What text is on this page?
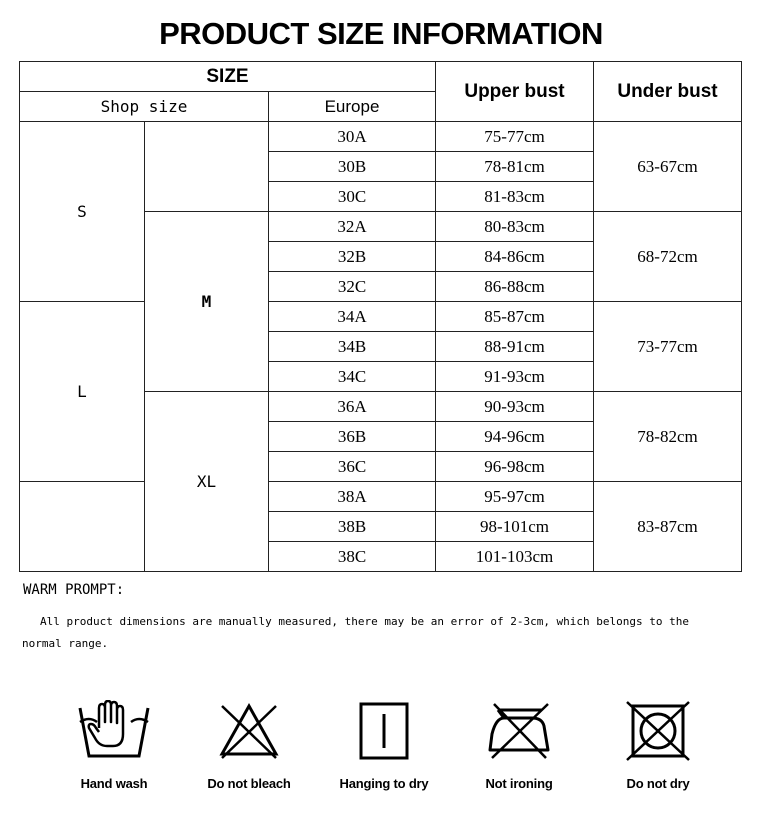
PRODUCT SIZE INFORMATION
SIZE			Upper bust	Under bust
Shop size		Europe		
S		30A	75-77cm	63-67cm
		30B	78-81cm	
		30C	81-83cm	
	M	32A	80-83cm	68-72cm
		32B	84-86cm	
		32C	86-88cm	
L		34A	85-87cm	73-77cm
		34B	88-91cm	
		34C	91-93cm	
	XL	36A	90-93cm	78-82cm
		36B	94-96cm	
		36C	96-98cm	
		38A	95-97cm	83-87cm
		38B	98-101cm	
		38C	101-103cm	
WARM PROMPT:
All product dimensions are manually measured, there may be an error of 2-3cm, which belongs to the normal range.
Hand wash	Do not bleach	Hanging to dry	Not ironing	Do not dry
